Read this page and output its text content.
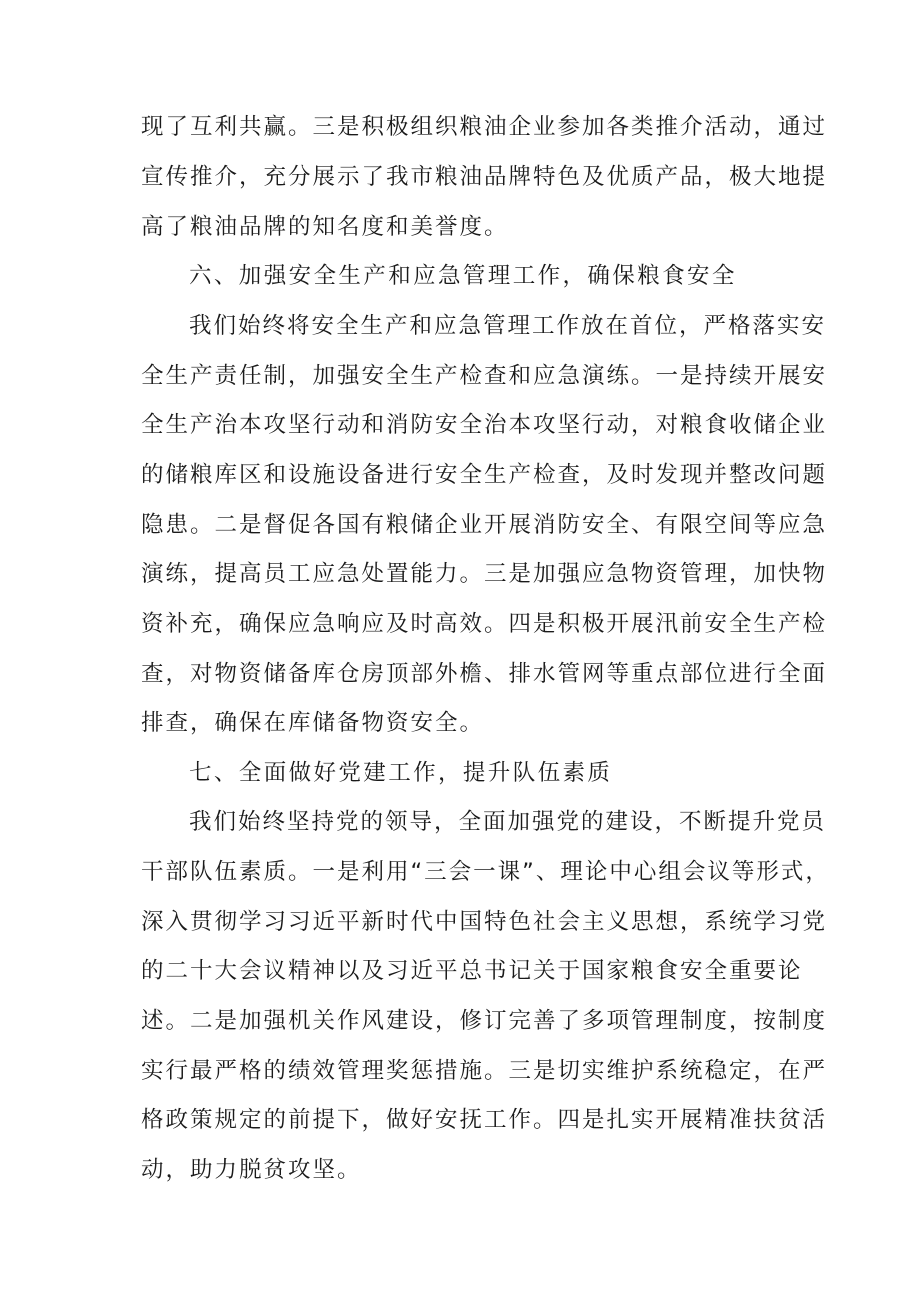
现了互利共赢。三是积极组织粮油企业参加各类推介活动，通过
宣传推介，充分展示了我市粮油品牌特色及优质产品，极大地提
高了粮油品牌的知名度和美誉度。
六、加强安全生产和应急管理工作，确保粮食安全
我们始终将安全生产和应急管理工作放在首位，严格落实安
全生产责任制，加强安全生产检查和应急演练。一是持续开展安
全生产治本攻坚行动和消防安全治本攻坚行动，对粮食收储企业
的储粮库区和设施设备进行安全生产检查，及时发现并整改问题
隐患。二是督促各国有粮储企业开展消防安全、有限空间等应急
演练，提高员工应急处置能力。三是加强应急物资管理，加快物
资补充，确保应急响应及时高效。四是积极开展汛前安全生产检
查，对物资储备库仓房顶部外檐、排水管网等重点部位进行全面
排查，确保在库储备物资安全。
七、全面做好党建工作，提升队伍素质
我们始终坚持党的领导，全面加强党的建设，不断提升党员
干部队伍素质。一是利用“三会一课”、理论中心组会议等形式，
深入贯彻学习习近平新时代中国特色社会主义思想，系统学习党
的二十大会议精神以及习近平总书记关于国家粮食安全重要论
述。二是加强机关作风建设，修订完善了多项管理制度，按制度
实行最严格的绩效管理奖惩措施。三是切实维护系统稳定，在严
格政策规定的前提下，做好安抚工作。四是扎实开展精准扶贫活
动，助力脱贫攻坚。
